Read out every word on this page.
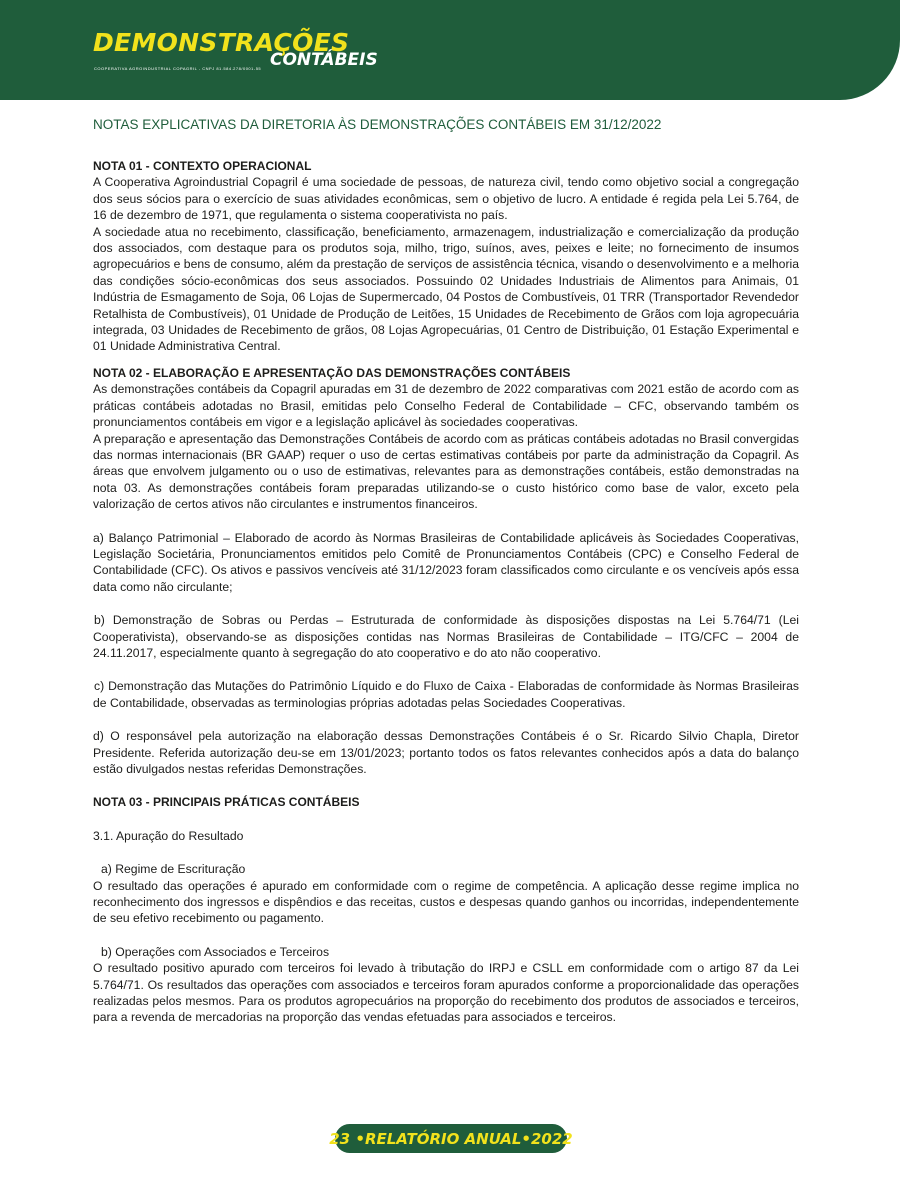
DEMONSTRAÇÕES
CONTÁBEIS
COOPERATIVA AGROINDUSTRIAL COPAGRIL - CNPJ 81.584.278/0001-55
NOTAS EXPLICATIVAS DA DIRETORIA ÀS DEMONSTRAÇÕES CONTÁBEIS EM 31/12/2022

NOTA 01 - CONTEXTO OPERACIONAL

A Cooperativa Agroindustrial Copagril é uma sociedade de pessoas, de natureza civil, tendo como objetivo social a congregação dos seus sócios para o exercício de suas atividades econômicas, sem o objetivo de lucro. A entidade é regida pela Lei 5.764, de 16 de dezembro de 1971, que regulamenta o sistema cooperativista no país.

A sociedade atua no recebimento, classificação, beneficiamento, armazenagem, industrialização e comercialização da produção dos associados, com destaque para os produtos soja, milho, trigo, suínos, aves, peixes e leite; no fornecimento de insumos agropecuários e bens de consumo, além da prestação de serviços de assistência técnica, visando o desenvolvimento e a melhoria das condições sócio-econômicas dos seus associados. Possuindo 02 Unidades Industriais de Alimentos para Animais, 01 Indústria de Esmagamento de Soja, 06 Lojas de Supermercado, 04 Postos de Combustíveis, 01 TRR (Transportador Revendedor Retalhista de Combustíveis), 01 Unidade de Produção de Leitões, 15 Unidades de Recebimento de Grãos com loja agropecuária integrada, 03 Unidades de Recebimento de grãos, 08 Lojas Agropecuárias, 01 Centro de Distribuição, 01 Estação Experimental e 01 Unidade Administrativa Central.

NOTA 02 - ELABORAÇÃO E APRESENTAÇÃO DAS DEMONSTRAÇÕES CONTÁBEIS

As demonstrações contábeis da Copagril apuradas em 31 de dezembro de 2022 comparativas com 2021 estão de acordo com as práticas contábeis adotadas no Brasil, emitidas pelo Conselho Federal de Contabilidade – CFC, observando também os pronunciamentos contábeis em vigor e a legislação aplicável às sociedades cooperativas.

A preparação e apresentação das Demonstrações Contábeis de acordo com as práticas contábeis adotadas no Brasil convergidas das normas internacionais (BR GAAP) requer o uso de certas estimativas contábeis por parte da administração da Copagril. As áreas que envolvem julgamento ou o uso de estimativas, relevantes para as demonstrações contábeis, estão demonstradas na nota 03. As demonstrações contábeis foram preparadas utilizando-se o custo histórico como base de valor, exceto pela valorização de certos ativos não circulantes e instrumentos financeiros.

a) Balanço Patrimonial – Elaborado de acordo às Normas Brasileiras de Contabilidade aplicáveis às Sociedades Cooperativas, Legislação Societária, Pronunciamentos emitidos pelo Comitê de Pronunciamentos Contábeis (CPC) e Conselho Federal de Contabilidade (CFC). Os ativos e passivos vencíveis até 31/12/2023 foram classificados como circulante e os vencíveis após essa data como não circulante;

b) Demonstração de Sobras ou Perdas – Estruturada de conformidade às disposições dispostas na Lei 5.764/71 (Lei Cooperativista), observando-se as disposições contidas nas Normas Brasileiras de Contabilidade – ITG/CFC – 2004 de 24.11.2017, especialmente quanto à segregação do ato cooperativo e do ato não cooperativo.

c) Demonstração das Mutações do Patrimônio Líquido e do Fluxo de Caixa - Elaboradas de conformidade às Normas Brasileiras de Contabilidade, observadas as terminologias próprias adotadas pelas Sociedades Cooperativas.

d) O responsável pela autorização na elaboração dessas Demonstrações Contábeis é o Sr. Ricardo Silvio Chapla, Diretor Presidente. Referida autorização deu-se em 13/01/2023; portanto todos os fatos relevantes conhecidos após a data do balanço estão divulgados nestas referidas Demonstrações.

NOTA 03 - PRINCIPAIS PRÁTICAS CONTÁBEIS

3.1. Apuração do Resultado

a) Regime de Escrituração

O resultado das operações é apurado em conformidade com o regime de competência. A aplicação desse regime implica no reconhecimento dos ingressos e dispêndios e das receitas, custos e despesas quando ganhos ou incorridas, independentemente de seu efetivo recebimento ou pagamento.

b) Operações com Associados e Terceiros

O resultado positivo apurado com terceiros foi levado à tributação do IRPJ e CSLL em conformidade com o artigo 87 da Lei 5.764/71. Os resultados das operações com associados e terceiros foram apurados conforme a proporcionalidade das operações realizadas pelos mesmos. Para os produtos agropecuários na proporção do recebimento dos produtos de associados e terceiros, para a revenda de mercadorias na proporção das vendas efetuadas para associados e terceiros.

23 •RELATÓRIO ANUAL•2022
